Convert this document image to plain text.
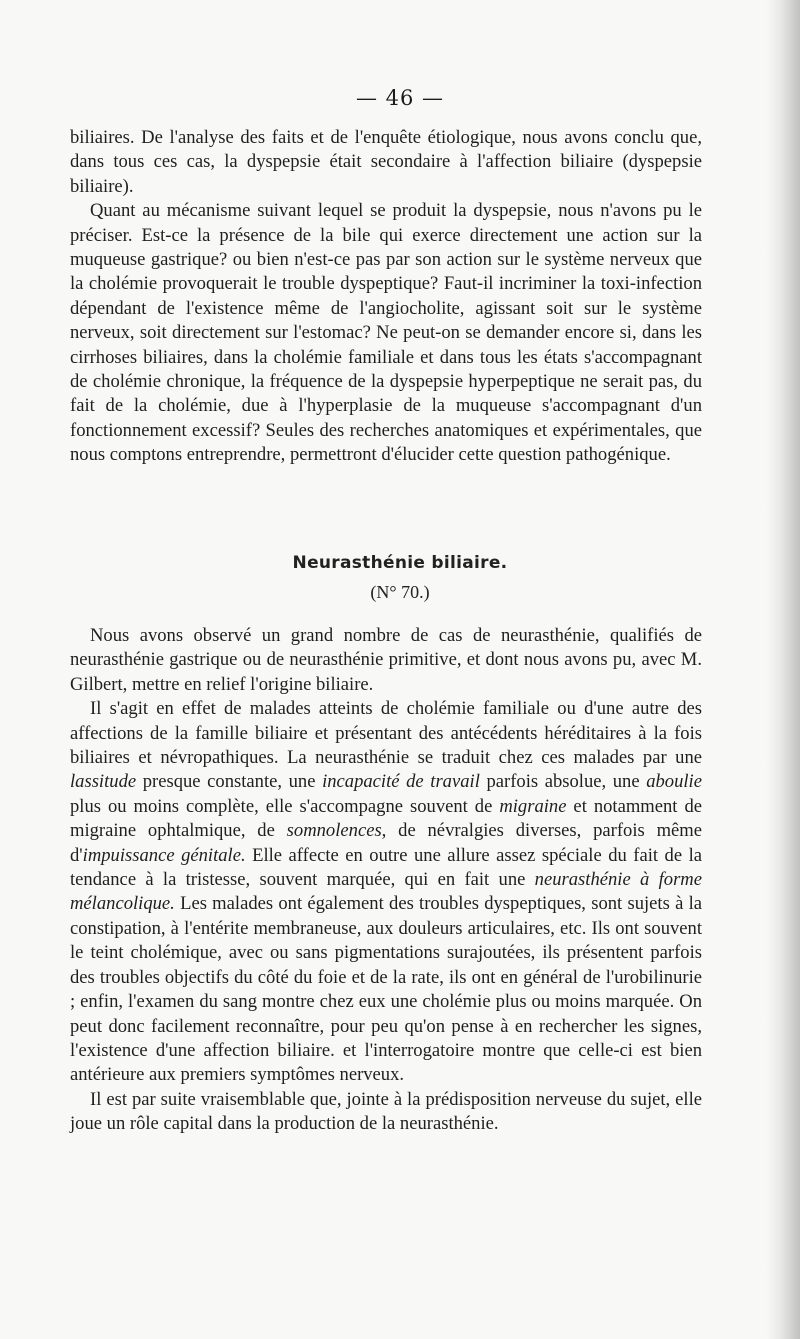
— 46 —

biliaires. De l'analyse des faits et de l'enquête étiologique, nous avons conclu que, dans tous ces cas, la dyspepsie était secondaire à l'affection biliaire (dyspepsie biliaire).

Quant au mécanisme suivant lequel se produit la dyspepsie, nous n'avons pu le préciser. Est-ce la présence de la bile qui exerce directement une action sur la muqueuse gastrique? ou bien n'est-ce pas par son action sur le système nerveux que la cholémie provoquerait le trouble dyspeptique? Faut-il incriminer la toxi-infection dépendant de l'existence même de l'angiocholite, agissant soit sur le système nerveux, soit directement sur l'estomac? Ne peut-on se demander encore si, dans les cirrhoses biliaires, dans la cholémie familiale et dans tous les états s'accompagnant de cholémie chronique, la fréquence de la dyspepsie hyperpeptique ne serait pas, du fait de la cholémie, due à l'hyperplasie de la muqueuse s'accompagnant d'un fonctionnement excessif? Seules des recherches anatomiques et expérimentales, que nous comptons entreprendre, permettront d'élucider cette question pathogénique.

Neurasthénie biliaire.
(N° 70.)

Nous avons observé un grand nombre de cas de neurasthénie, qualifiés de neurasthénie gastrique ou de neurasthénie primitive, et dont nous avons pu, avec M. Gilbert, mettre en relief l'origine biliaire.

Il s'agit en effet de malades atteints de cholémie familiale ou d'une autre des affections de la famille biliaire et présentant des antécédents héréditaires à la fois biliaires et névropathiques. La neurasthénie se traduit chez ces malades par une lassitude presque constante, une incapacité de travail parfois absolue, une aboulie plus ou moins complète, elle s'accompagne souvent de migraine et notamment de migraine ophtalmique, de somnolences, de névralgies diverses, parfois même d'impuissance génitale. Elle affecte en outre une allure assez spéciale du fait de la tendance à la tristesse, souvent marquée, qui en fait une neurasthénie à forme mélancolique. Les malades ont également des troubles dyspeptiques, sont sujets à la constipation, à l'entérite membraneuse, aux douleurs articulaires, etc. Ils ont souvent le teint cholémique, avec ou sans pigmentations surajoutées, ils présentent parfois des troubles objectifs du côté du foie et de la rate, ils ont en général de l'urobilinurie ; enfin, l'examen du sang montre chez eux une cholémie plus ou moins marquée. On peut donc facilement reconnaître, pour peu qu'on pense à en rechercher les signes, l'existence d'une affection biliaire. et l'interrogatoire montre que celle-ci est bien antérieure aux premiers symptômes nerveux.

Il est par suite vraisemblable que, jointe à la prédisposition nerveuse du sujet, elle joue un rôle capital dans la production de la neurasthénie.
